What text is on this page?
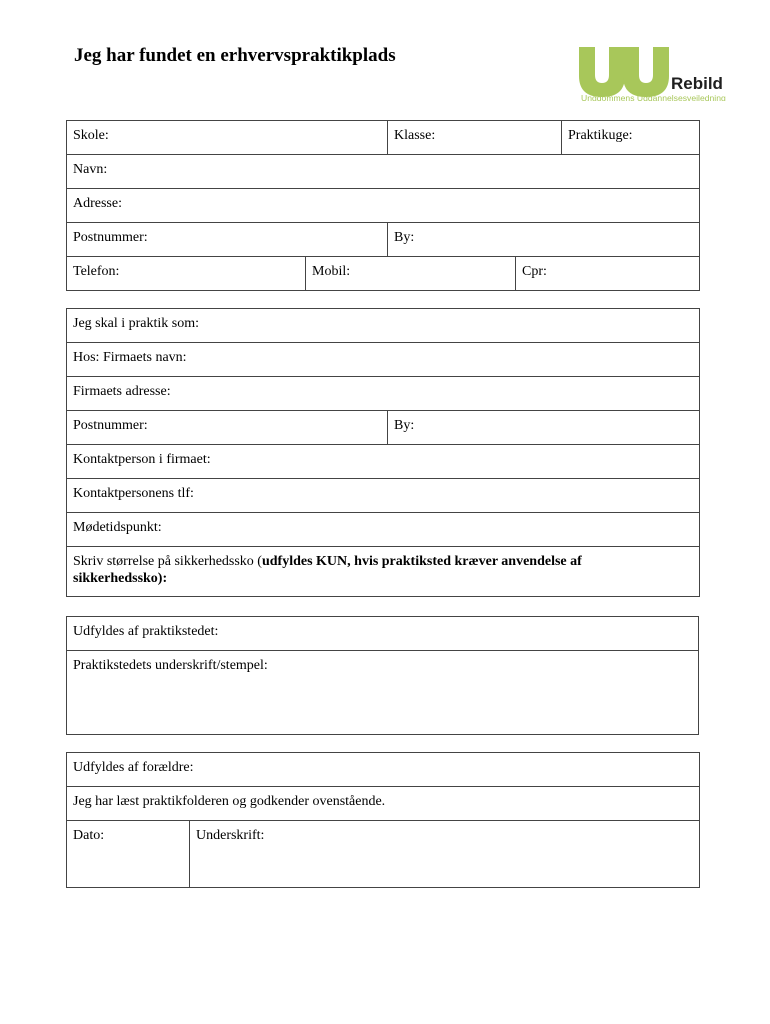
Jeg har fundet en erhvervspraktikplads
Rebild
Ungdommens Uddannelsesvejledning
Skole:		Klasse:		Praktikuge:
Navn:				
Adresse:				
Postnummer:		By:		
Telefon:	Mobil:		Cpr:	
Jeg skal i praktik som:
Hos: Firmaets navn:
Firmaets adresse:
Postnummer:	By:
Kontaktperson i firmaet:
Kontaktpersonens tlf:
Mødetidspunkt:
Skriv størrelse på sikkerhedssko (udfyldes KUN, hvis praktiksted kræver anvendelse af sikkerhedssko):
Udfyldes af praktikstedet:
Praktikstedets underskrift/stempel:
Udfyldes af forældre:
Jeg har læst praktikfolderen og godkender ovenstående.
Dato:	Underskrift:
